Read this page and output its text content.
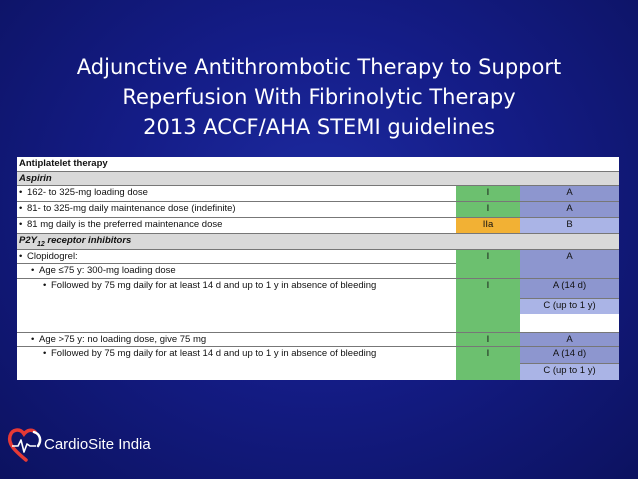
Adjunctive Antithrombotic Therapy to Support
Reperfusion With Fibrinolytic Therapy
2013 ACCF/AHA STEMI guidelines
Antiplatelet therapy
Aspirin
• 162- to 325-mg loading dose	I	A
• 81- to 325-mg daily maintenance dose (indefinite)	I	A
• 81 mg daily is the preferred maintenance dose	IIa	B
$P2Y_{12}$ receptor inhibitors
• Clopidogrel:	I	A
• Age ≤75 y: 300-mg loading dose
• Followed by 75 mg daily for at least 14 d and up to 1 y in absence of bleeding	I	A (14 d)
C (up to 1 y)
• Age >75 y: no loading dose, give 75 mg	I	A
• Followed by 75 mg daily for at least 14 d and up to 1 y in absence of bleeding	I	A (14 d)
C (up to 1 y)
CardioSite India
